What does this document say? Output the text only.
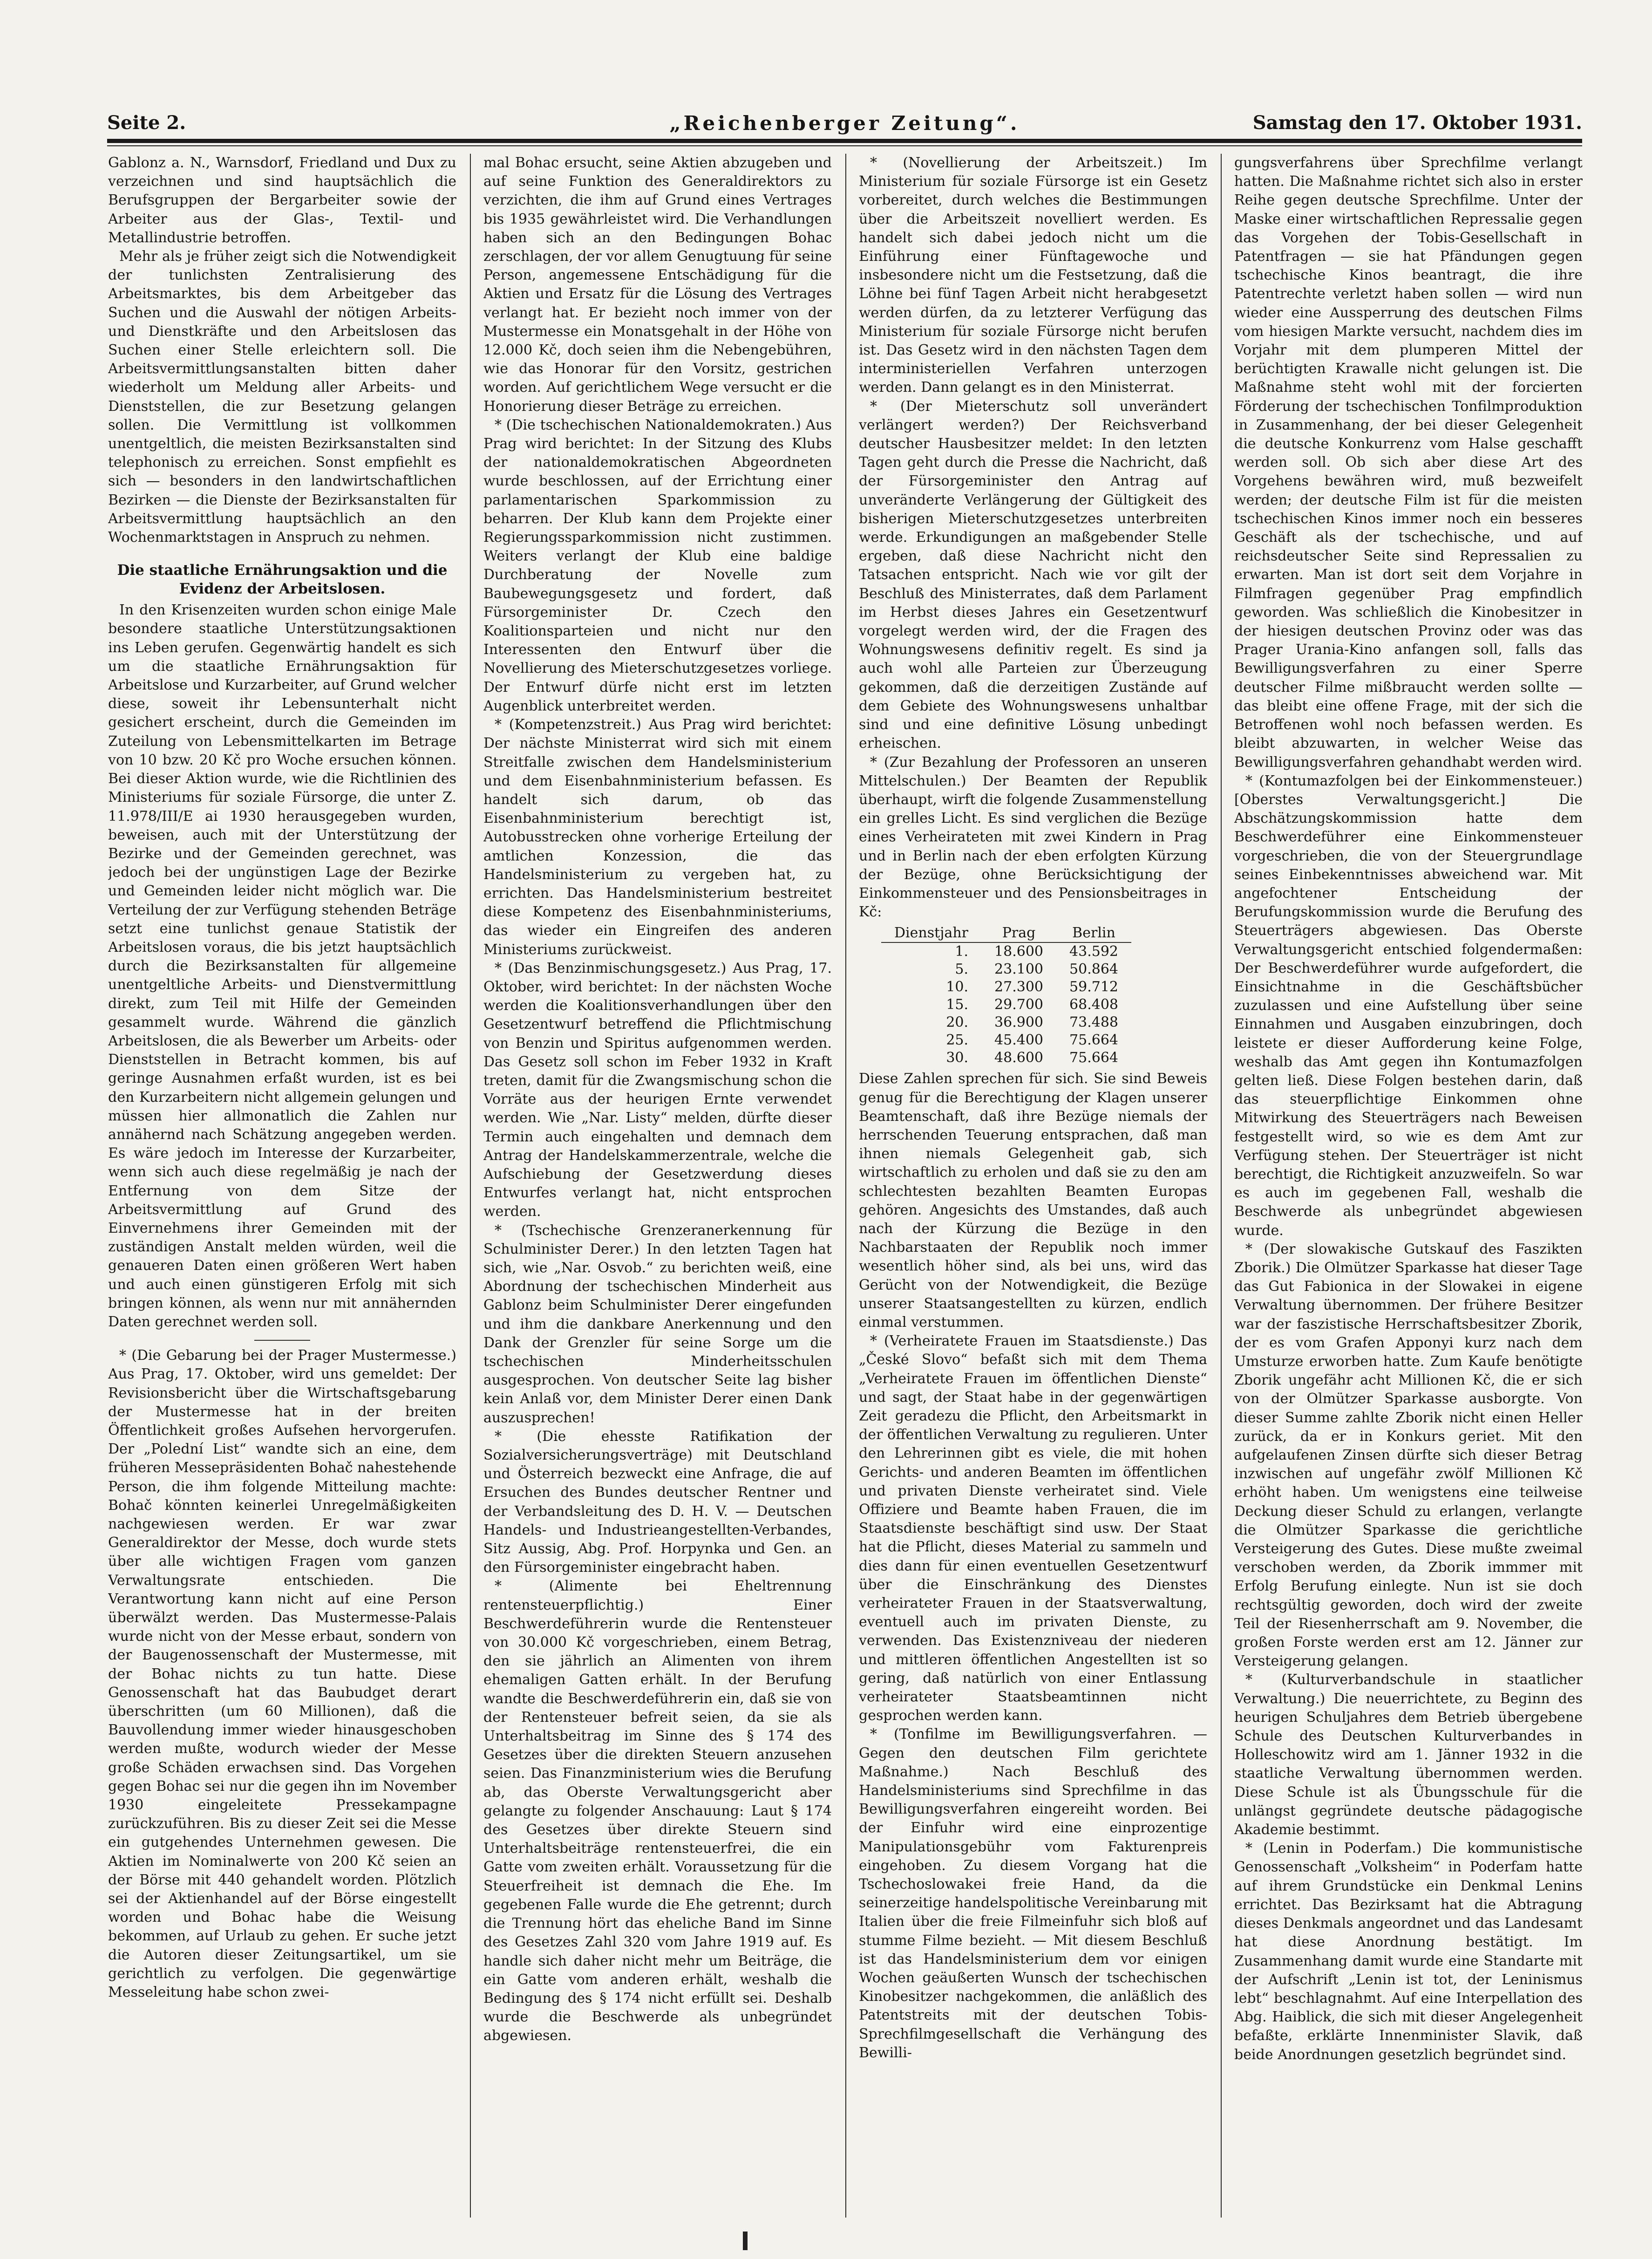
Seite 2.	„Reichenberger Zeitung“.	Samstag den 17. Oktober 1931.

Gablonz a. N., Warnsdorf, Friedland und Dux zu verzeichnen und sind hauptsächlich die Berufsgruppen der Bergarbeiter sowie der Arbeiter aus der Glas-, Textil- und Metallindustrie betroffen.

Mehr als je früher zeigt sich die Notwendigkeit der tunlichsten Zentralisierung des Arbeitsmarktes, bis dem Arbeitgeber das Suchen und die Auswahl der nötigen Arbeits- und Dienstkräfte und den Arbeitslosen das Suchen einer Stelle erleichtern soll. Die Arbeitsvermittlungsanstalten bitten daher wiederholt um Meldung aller Arbeits- und Dienststellen, die zur Besetzung gelangen sollen. Die Vermittlung ist vollkommen unentgeltlich, die meisten Bezirksanstalten sind telephonisch zu erreichen. Sonst empfiehlt es sich — besonders in den landwirtschaftlichen Bezirken — die Dienste der Bezirksanstalten für Arbeitsvermittlung hauptsächlich an den Wochenmarktstagen in Anspruch zu nehmen.

Die staatliche Ernährungsaktion und die Evidenz der Arbeitslosen.

In den Krisenzeiten wurden schon einige Male besondere staatliche Unterstützungsaktionen ins Leben gerufen. Gegenwärtig handelt es sich um die staatliche Ernährungsaktion für Arbeitslose und Kurzarbeiter, auf Grund welcher diese, soweit ihr Lebensunterhalt nicht gesichert erscheint, durch die Gemeinden im Zuteilung von Lebensmittelkarten im Betrage von 10 bzw. 20 Kč pro Woche ersuchen können. Bei dieser Aktion wurde, wie die Richtlinien des Ministeriums für soziale Fürsorge, die unter Z. 11.978/III/E ai 1930 herausgegeben wurden, beweisen, auch mit der Unterstützung der Bezirke und der Gemeinden gerechnet, was jedoch bei der ungünstigen Lage der Bezirke und Gemeinden leider nicht möglich war. Die Verteilung der zur Verfügung stehenden Beträge setzt eine tunlichst genaue Statistik der Arbeitslosen voraus, die bis jetzt hauptsächlich durch die Bezirksanstalten für allgemeine unentgeltliche Arbeits- und Dienstvermittlung direkt, zum Teil mit Hilfe der Gemeinden gesammelt wurde. Während die gänzlich Arbeitslosen, die als Bewerber um Arbeits- oder Dienststellen in Betracht kommen, bis auf geringe Ausnahmen erfaßt wurden, ist es bei den Kurzarbeitern nicht allgemein gelungen und müssen hier allmonatlich die Zahlen nur annähernd nach Schätzung angegeben werden. Es wäre jedoch im Interesse der Kurzarbeiter, wenn sich auch diese regelmäßig je nach der Entfernung von dem Sitze der Arbeitsvermittlung auf Grund des Einvernehmens ihrer Gemeinden mit der zuständigen Anstalt melden würden, weil die genaueren Daten einen größeren Wert haben und auch einen günstigeren Erfolg mit sich bringen können, als wenn nur mit annähernden Daten gerechnet werden soll.

* (Die Gebarung bei der Prager Mustermesse.) Aus Prag, 17. Oktober, wird uns gemeldet: Der Revisionsbericht über die Wirtschaftsgebarung der Mustermesse hat in der breiten Öffentlichkeit großes Aufsehen hervorgerufen. Der „Polední List“ wandte sich an eine, dem früheren Messepräsidenten Bohač nahestehende Person, die ihm folgende Mitteilung machte: Bohač könnten keinerlei Unregelmäßigkeiten nachgewiesen werden. Er war zwar Generaldirektor der Messe, doch wurde stets über alle wichtigen Fragen vom ganzen Verwaltungsrate entschieden. Die Verantwortung kann nicht auf eine Person überwälzt werden. Das Mustermesse-Palais wurde nicht von der Messe erbaut, sondern von der Baugenossenschaft der Mustermesse, mit der Bohac nichts zu tun hatte. Diese Genossenschaft hat das Baubudget derart überschritten (um 60 Millionen), daß die Bauvollendung immer wieder hinausgeschoben werden mußte, wodurch wieder der Messe große Schäden erwachsen sind. Das Vorgehen gegen Bohac sei nur die gegen ihn im November 1930 eingeleitete Pressekampagne zurückzuführen. Bis zu dieser Zeit sei die Messe ein gutgehendes Unternehmen gewesen. Die Aktien im Nominalwerte von 200 Kč seien an der Börse mit 440 gehandelt worden. Plötzlich sei der Aktienhandel auf der Börse eingestellt worden und Bohac habe die Weisung bekommen, auf Urlaub zu gehen. Er suche jetzt die Autoren dieser Zeitungsartikel, um sie gerichtlich zu verfolgen. Die gegenwärtige Messeleitung habe schon zwei-

mal Bohac ersucht, seine Aktien abzugeben und auf seine Funktion des Generaldirektors zu verzichten, die ihm auf Grund eines Vertrages bis 1935 gewährleistet wird. Die Verhandlungen haben sich an den Bedingungen Bohac zerschlagen, der vor allem Genugtuung für seine Person, angemessene Entschädigung für die Aktien und Ersatz für die Lösung des Vertrages verlangt hat. Er bezieht noch immer von der Mustermesse ein Monatsgehalt in der Höhe von 12.000 Kč, doch seien ihm die Nebengebühren, wie das Honorar für den Vorsitz, gestrichen worden. Auf gerichtlichem Wege versucht er die Honorierung dieser Beträge zu erreichen.

* (Die tschechischen Nationaldemokraten.) Aus Prag wird berichtet: In der Sitzung des Klubs der nationaldemokratischen Abgeordneten wurde beschlossen, auf der Errichtung einer parlamentarischen Sparkommission zu beharren. Der Klub kann dem Projekte einer Regierungssparkommission nicht zustimmen. Weiters verlangt der Klub eine baldige Durchberatung der Novelle zum Baubewegungsgesetz und fordert, daß Fürsorgeminister Dr. Czech den Koalitionsparteien und nicht nur den Interessenten den Entwurf über die Novellierung des Mieterschutzgesetzes vorliege. Der Entwurf dürfe nicht erst im letzten Augenblick unterbreitet werden.

* (Kompetenzstreit.) Aus Prag wird berichtet: Der nächste Ministerrat wird sich mit einem Streitfalle zwischen dem Handelsministerium und dem Eisenbahnministerium befassen. Es handelt sich darum, ob das Eisenbahnministerium berechtigt ist, Autobusstrecken ohne vorherige Erteilung der amtlichen Konzession, die das Handelsministerium zu vergeben hat, zu errichten. Das Handelsministerium bestreitet diese Kompetenz des Eisenbahnministeriums, das wieder ein Eingreifen des anderen Ministeriums zurückweist.

* (Das Benzinmischungsgesetz.) Aus Prag, 17. Oktober, wird berichtet: In der nächsten Woche werden die Koalitionsverhandlungen über den Gesetzentwurf betreffend die Pflichtmischung von Benzin und Spiritus aufgenommen werden. Das Gesetz soll schon im Feber 1932 in Kraft treten, damit für die Zwangsmischung schon die Vorräte aus der heurigen Ernte verwendet werden. Wie „Nar. Listy“ melden, dürfte dieser Termin auch eingehalten und demnach dem Antrag der Handelskammerzentrale, welche die Aufschiebung der Gesetzwerdung dieses Entwurfes verlangt hat, nicht entsprochen werden.

* (Tschechische Grenzeranerkennung für Schulminister Derer.) In den letzten Tagen hat sich, wie „Nar. Osvob.“ zu berichten weiß, eine Abordnung der tschechischen Minderheit aus Gablonz beim Schulminister Derer eingefunden und ihm die dankbare Anerkennung und den Dank der Grenzler für seine Sorge um die tschechischen Minderheitsschulen ausgesprochen. Von deutscher Seite lag bisher kein Anlaß vor, dem Minister Derer einen Dank auszusprechen!

* (Die ehesste Ratifikation der Sozialversicherungsverträge) mit Deutschland und Österreich bezweckt eine Anfrage, die auf Ersuchen des Bundes deutscher Rentner und der Verbandsleitung des D. H. V. — Deutschen Handels- und Industrieangestellten-Verbandes, Sitz Aussig, Abg. Prof. Horpynka und Gen. an den Fürsorgeminister eingebracht haben.

* (Alimente bei Eheltrennung rentensteuerpflichtig.) Einer Beschwerdeführerin wurde die Rentensteuer von 30.000 Kč vorgeschrieben, einem Betrag, den sie jährlich an Alimenten von ihrem ehemaligen Gatten erhält. In der Berufung wandte die Beschwerdeführerin ein, daß sie von der Rentensteuer befreit seien, da sie als Unterhaltsbeitrag im Sinne des § 174 des Gesetzes über die direkten Steuern anzusehen seien. Das Finanzministerium wies die Berufung ab, das Oberste Verwaltungsgericht aber gelangte zu folgender Anschauung: Laut § 174 des Gesetzes über direkte Steuern sind Unterhaltsbeiträge rentensteuerfrei, die ein Gatte vom zweiten erhält. Voraussetzung für die Steuerfreiheit ist demnach die Ehe. Im gegebenen Falle wurde die Ehe getrennt; durch die Trennung hört das eheliche Band im Sinne des Gesetzes Zahl 320 vom Jahre 1919 auf. Es handle sich daher nicht mehr um Beiträge, die ein Gatte vom anderen erhält, weshalb die Bedingung des § 174 nicht erfüllt sei. Deshalb wurde die Beschwerde als unbegründet abgewiesen.

* (Novellierung der Arbeitszeit.) Im Ministerium für soziale Fürsorge ist ein Gesetz vorbereitet, durch welches die Bestimmungen über die Arbeitszeit novelliert werden. Es handelt sich dabei jedoch nicht um die Einführung einer Fünftagewoche und insbesondere nicht um die Festsetzung, daß die Löhne bei fünf Tagen Arbeit nicht herabgesetzt werden dürfen, da zu letzterer Verfügung das Ministerium für soziale Fürsorge nicht berufen ist. Das Gesetz wird in den nächsten Tagen dem interministeriellen Verfahren unterzogen werden. Dann gelangt es in den Ministerrat.

* (Der Mieterschutz soll unverändert verlängert werden?) Der Reichsverband deutscher Hausbesitzer meldet: In den letzten Tagen geht durch die Presse die Nachricht, daß der Fürsorgeminister den Antrag auf unveränderte Verlängerung der Gültigkeit des bisherigen Mieterschutzgesetzes unterbreiten werde. Erkundigungen an maßgebender Stelle ergeben, daß diese Nachricht nicht den Tatsachen entspricht. Nach wie vor gilt der Beschluß des Ministerrates, daß dem Parlament im Herbst dieses Jahres ein Gesetzentwurf vorgelegt werden wird, der die Fragen des Wohnungswesens definitiv regelt. Es sind ja auch wohl alle Parteien zur Überzeugung gekommen, daß die derzeitigen Zustände auf dem Gebiete des Wohnungswesens unhaltbar sind und eine definitive Lösung unbedingt erheischen.

* (Zur Bezahlung der Professoren an unseren Mittelschulen.) Der Beamten der Republik überhaupt, wirft die folgende Zusammenstellung ein grelles Licht. Es sind verglichen die Bezüge eines Verheirateten mit zwei Kindern in Prag und in Berlin nach der eben erfolgten Kürzung der Bezüge, ohne Berücksichtigung der Einkommensteuer und des Pensionsbeitrages in Kč:

Dienstjahr	Prag	Berlin
1.	18.600	43.592
5.	23.100	50.864
10.	27.300	59.712
15.	29.700	68.408
20.	36.900	73.488
25.	45.400	75.664
30.	48.600	75.664

Diese Zahlen sprechen für sich. Sie sind Beweis genug für die Berechtigung der Klagen unserer Beamtenschaft, daß ihre Bezüge niemals der herrschenden Teuerung entsprachen, daß man ihnen niemals Gelegenheit gab, sich wirtschaftlich zu erholen und daß sie zu den am schlechtesten bezahlten Beamten Europas gehören. Angesichts des Umstandes, daß auch nach der Kürzung die Bezüge in den Nachbarstaaten der Republik noch immer wesentlich höher sind, als bei uns, wird das Gerücht von der Notwendigkeit, die Bezüge unserer Staatsangestellten zu kürzen, endlich einmal verstummen.

* (Verheiratete Frauen im Staatsdienste.) Das „České Slovo“ befaßt sich mit dem Thema „Verheiratete Frauen im öffentlichen Dienste“ und sagt, der Staat habe in der gegenwärtigen Zeit geradezu die Pflicht, den Arbeitsmarkt in der öffentlichen Verwaltung zu regulieren. Unter den Lehrerinnen gibt es viele, die mit hohen Gerichts- und anderen Beamten im öffentlichen und privaten Dienste verheiratet sind. Viele Offiziere und Beamte haben Frauen, die im Staatsdienste beschäftigt sind usw. Der Staat hat die Pflicht, dieses Material zu sammeln und dies dann für einen eventuellen Gesetzentwurf über die Einschränkung des Dienstes verheirateter Frauen in der Staatsverwaltung, eventuell auch im privaten Dienste, zu verwenden. Das Existenzniveau der niederen und mittleren öffentlichen Angestellten ist so gering, daß natürlich von einer Entlassung verheirateter Staatsbeamtinnen nicht gesprochen werden kann.

* (Tonfilme im Bewilligungsverfahren. — Gegen den deutschen Film gerichtete Maßnahme.) Nach Beschluß des Handelsministeriums sind Sprechfilme in das Bewilligungsverfahren eingereiht worden. Bei der Einfuhr wird eine einprozentige Manipulationsgebühr vom Fakturenpreis eingehoben. Zu diesem Vorgang hat die Tschechoslowakei freie Hand, da die seinerzeitige handelspolitische Vereinbarung mit Italien über die freie Filmeinfuhr sich bloß auf stumme Filme bezieht. — Mit diesem Beschluß ist das Handelsministerium dem vor einigen Wochen geäußerten Wunsch der tschechischen Kinobesitzer nachgekommen, die anläßlich des Patentstreits mit der deutschen Tobis-Sprechfilmgesellschaft die Verhängung des Bewilli-

gungsverfahrens über Sprechfilme verlangt hatten. Die Maßnahme richtet sich also in erster Reihe gegen deutsche Sprechfilme. Unter der Maske einer wirtschaftlichen Repressalie gegen das Vorgehen der Tobis-Gesellschaft in Patentfragen — sie hat Pfändungen gegen tschechische Kinos beantragt, die ihre Patentrechte verletzt haben sollen — wird nun wieder eine Aussperrung des deutschen Films vom hiesigen Markte versucht, nachdem dies im Vorjahr mit dem plumperen Mittel der berüchtigten Krawalle nicht gelungen ist. Die Maßnahme steht wohl mit der forcierten Förderung der tschechischen Tonfilmproduktion in Zusammenhang, der bei dieser Gelegenheit die deutsche Konkurrenz vom Halse geschafft werden soll. Ob sich aber diese Art des Vorgehens bewähren wird, muß bezweifelt werden; der deutsche Film ist für die meisten tschechischen Kinos immer noch ein besseres Geschäft als der tschechische, und auf reichsdeutscher Seite sind Repressalien zu erwarten. Man ist dort seit dem Vorjahre in Filmfragen gegenüber Prag empfindlich geworden. Was schließlich die Kinobesitzer in der hiesigen deutschen Provinz oder was das Prager Urania-Kino anfangen soll, falls das Bewilligungsverfahren zu einer Sperre deutscher Filme mißbraucht werden sollte — das bleibt eine offene Frage, mit der sich die Betroffenen wohl noch befassen werden. Es bleibt abzuwarten, in welcher Weise das Bewilligungsverfahren gehandhabt werden wird.

* (Kontumazfolgen bei der Einkommensteuer.) [Oberstes Verwaltungsgericht.] Die Abschätzungskommission hatte dem Beschwerdeführer eine Einkommensteuer vorgeschrieben, die von der Steuergrundlage seines Einbekenntnisses abweichend war. Mit angefochtener Entscheidung der Berufungskommission wurde die Berufung des Steuerträgers abgewiesen. Das Oberste Verwaltungsgericht entschied folgendermaßen: Der Beschwerdeführer wurde aufgefordert, die Einsichtnahme in die Geschäftsbücher zuzulassen und eine Aufstellung über seine Einnahmen und Ausgaben einzubringen, doch leistete er dieser Aufforderung keine Folge, weshalb das Amt gegen ihn Kontumazfolgen gelten ließ. Diese Folgen bestehen darin, daß das steuerpflichtige Einkommen ohne Mitwirkung des Steuerträgers nach Beweisen festgestellt wird, so wie es dem Amt zur Verfügung stehen. Der Steuerträger ist nicht berechtigt, die Richtigkeit anzuzweifeln. So war es auch im gegebenen Fall, weshalb die Beschwerde als unbegründet abgewiesen wurde.

* (Der slowakische Gutskauf des Faszikten Zborik.) Die Olmützer Sparkasse hat dieser Tage das Gut Fabionica in der Slowakei in eigene Verwaltung übernommen. Der frühere Besitzer war der faszistische Herrschaftsbesitzer Zborik, der es vom Grafen Apponyi kurz nach dem Umsturze erworben hatte. Zum Kaufe benötigte Zborik ungefähr acht Millionen Kč, die er sich von der Olmützer Sparkasse ausborgte. Von dieser Summe zahlte Zborik nicht einen Heller zurück, da er in Konkurs geriet. Mit den aufgelaufenen Zinsen dürfte sich dieser Betrag inzwischen auf ungefähr zwölf Millionen Kč erhöht haben. Um wenigstens eine teilweise Deckung dieser Schuld zu erlangen, verlangte die Olmützer Sparkasse die gerichtliche Versteigerung des Gutes. Diese mußte zweimal verschoben werden, da Zborik immmer mit Erfolg Berufung einlegte. Nun ist sie doch rechtsgültig geworden, doch wird der zweite Teil der Riesenherrschaft am 9. November, die großen Forste werden erst am 12. Jänner zur Versteigerung gelangen.

* (Kulturverbandschule in staatlicher Verwaltung.) Die neuerrichtete, zu Beginn des heurigen Schuljahres dem Betrieb übergebene Schule des Deutschen Kulturverbandes in Holleschowitz wird am 1. Jänner 1932 in die staatliche Verwaltung übernommen werden. Diese Schule ist als Übungsschule für die unlängst gegründete deutsche pädagogische Akademie bestimmt.

* (Lenin in Poderfam.) Die kommunistische Genossenschaft „Volksheim“ in Poderfam hatte auf ihrem Grundstücke ein Denkmal Lenins errichtet. Das Bezirksamt hat die Abtragung dieses Denkmals angeordnet und das Landesamt hat diese Anordnung bestätigt. Im Zusammenhang damit wurde eine Standarte mit der Aufschrift „Lenin ist tot, der Leninismus lebt“ beschlagnahmt. Auf eine Interpellation des Abg. Haiblick, die sich mit dieser Angelegenheit befaßte, erklärte Innenminister Slavik, daß beide Anordnungen gesetzlich begründet sind.
